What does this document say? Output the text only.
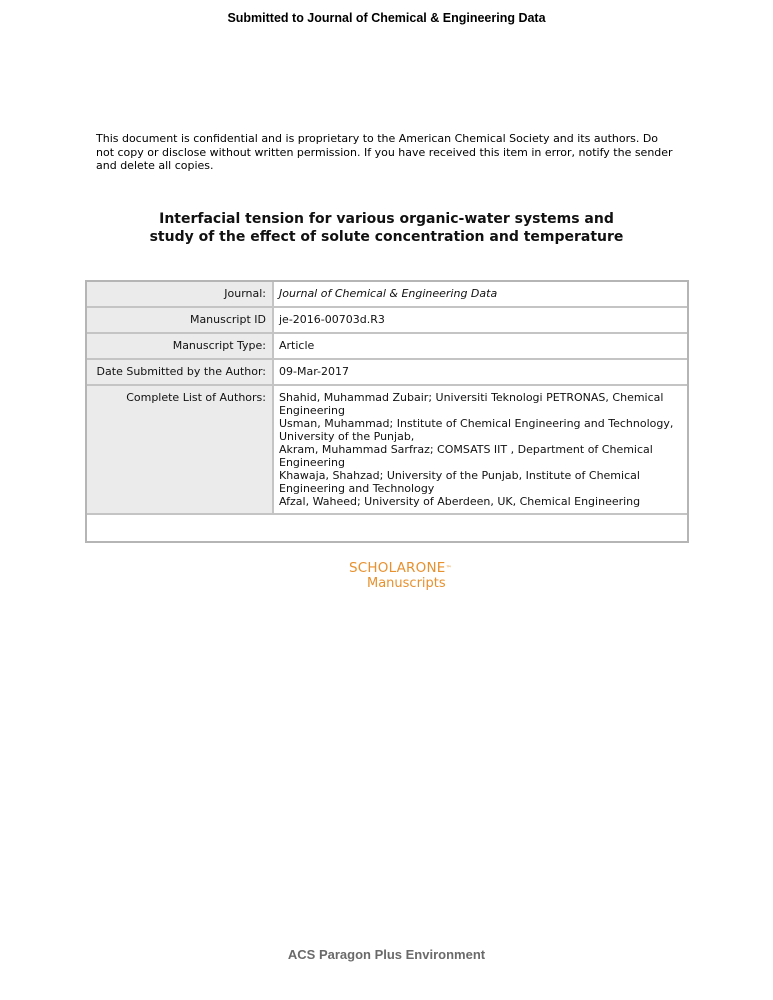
Submitted to Journal of Chemical & Engineering Data
This document is confidential and is proprietary to the American Chemical Society and its authors. Do not copy or disclose without written permission. If you have received this item in error, notify the sender and delete all copies.
Interfacial tension for various organic-water systems and
study of the effect of solute concentration and temperature
Journal:	Journal of Chemical & Engineering Data
Manuscript ID	je-2016-00703d.R3
Manuscript Type:	Article
Date Submitted by the Author:	09-Mar-2017
Complete List of Authors:	Shahid, Muhammad Zubair; Universiti Teknologi PETRONAS, Chemical Engineering
Usman, Muhammad; Institute of Chemical Engineering and Technology, University of the Punjab,
Akram, Muhammad Sarfraz; COMSATS IIT , Department of Chemical Engineering
Khawaja, Shahzad; University of the Punjab, Institute of Chemical Engineering and Technology
Afzal, Waheed; University of Aberdeen, UK, Chemical Engineering

SCHOLARONE™
Manuscripts
ACS Paragon Plus Environment
